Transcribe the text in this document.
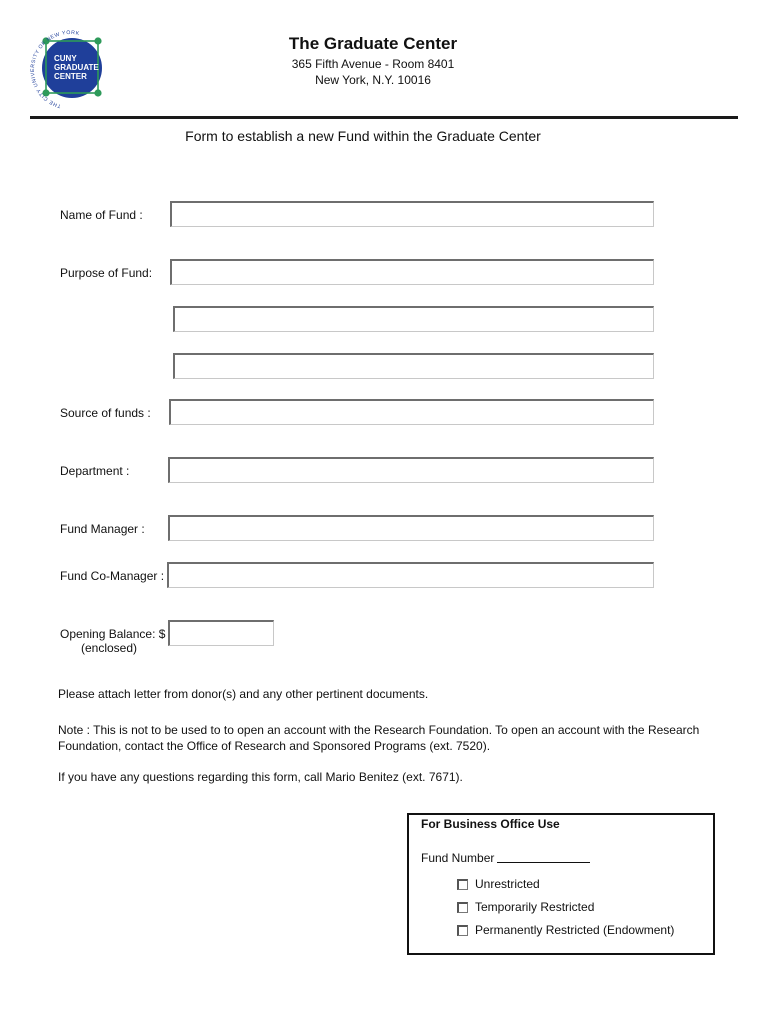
CUNY
GRADUATE
CENTER
THE CITY UNIVERSITY OF NEW YORK
The Graduate Center
365 Fifth Avenue - Room 8401
New York, N.Y. 10016
Form to establish a new Fund within the Graduate Center
Name of Fund :
Purpose of Fund:
Source of funds :
Department :
Fund Manager :
Fund Co-Manager :
Opening Balance: $
(enclosed)
Please attach letter from donor(s) and any other pertinent documents.
Note : This is not to be used to to open an account with the Research Foundation. To open an account with the Research Foundation, contact the Office of Research and Sponsored Programs (ext. 7520).
If you have any questions regarding this form, call Mario Benitez (ext. 7671).
For Business Office Use
Fund Number
Unrestricted
Temporarily Restricted
Permanently Restricted (Endowment)
